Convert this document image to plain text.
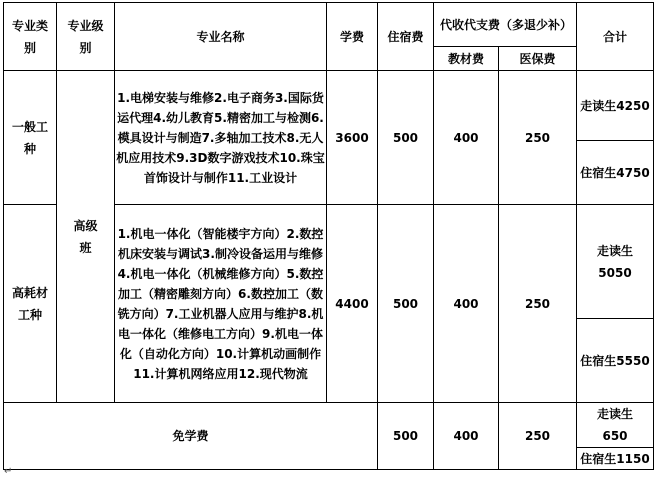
专业类别	专业级别	专业名称	学费	住宿费	代收代支费（多退少补）		合计
					教材费	医保费	
一般工种	高级班	1.电梯安装与维修2.电子商务3.国际货运代理4.幼儿教育5.精密加工与检测6.模具设计与制造7.多轴加工技术8.无人机应用技术9.3D数字游戏技术10.珠宝首饰设计与制作11.工业设计	3600	500	400	250	走读生4250
							住宿生4750
高耗材工种		1.机电一体化（智能楼宇方向）2.数控机床安装与调试3.制冷设备运用与维修4.机电一体化（机械维修方向）5.数控加工（精密雕刻方向）6.数控加工（数铣方向）7.工业机器人应用与维护8.机电一体化（维修电工方向）9.机电一体化（自动化方向）10.计算机动画制作11.计算机网络应用12.现代物流	4400	500	400	250	走读生5050
							住宿生5550
免学费				500	400	250	走读生650
							住宿生1150
↵
